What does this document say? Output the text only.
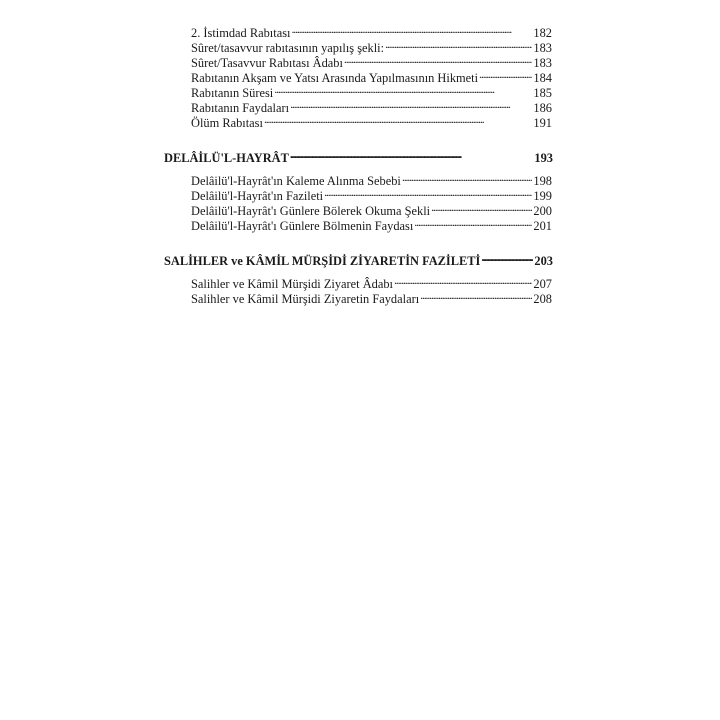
2. İstimdad Rabıtası . . .	182
Sûret/tasavvur rabıtasının yapılış şekli: . . .	183
Sûret/Tasavvur Rabıtası Âdabı . . .	183
Rabıtanın Akşam ve Yatsı Arasında Yapılmasının Hikmeti . . .	184
Rabıtanın Süresi . . .	185
Rabıtanın Faydaları . . .	186
Ölüm Rabıtası . . .	191
DELÂİLÜ'L-HAYRÂT . . .	193
Delâilü'l-Hayrât'ın Kaleme Alınma Sebebi . . .	198
Delâilü'l-Hayrât'ın Fazileti . . .	199
Delâilü'l-Hayrât'ı Günlere Bölerek Okuma Şekli . . .	200
Delâilü'l-Hayrât'ı Günlere Bölmenin Faydası . . .	201
SALİHLER ve KÂMİL MÜRŞİDİ ZİYARETİN FAZİLETİ . . .	203
Salihler ve Kâmil Mürşidi Ziyaret Âdabı . . .	207
Salihler ve Kâmil Mürşidi Ziyaretin Faydaları . . .	208
